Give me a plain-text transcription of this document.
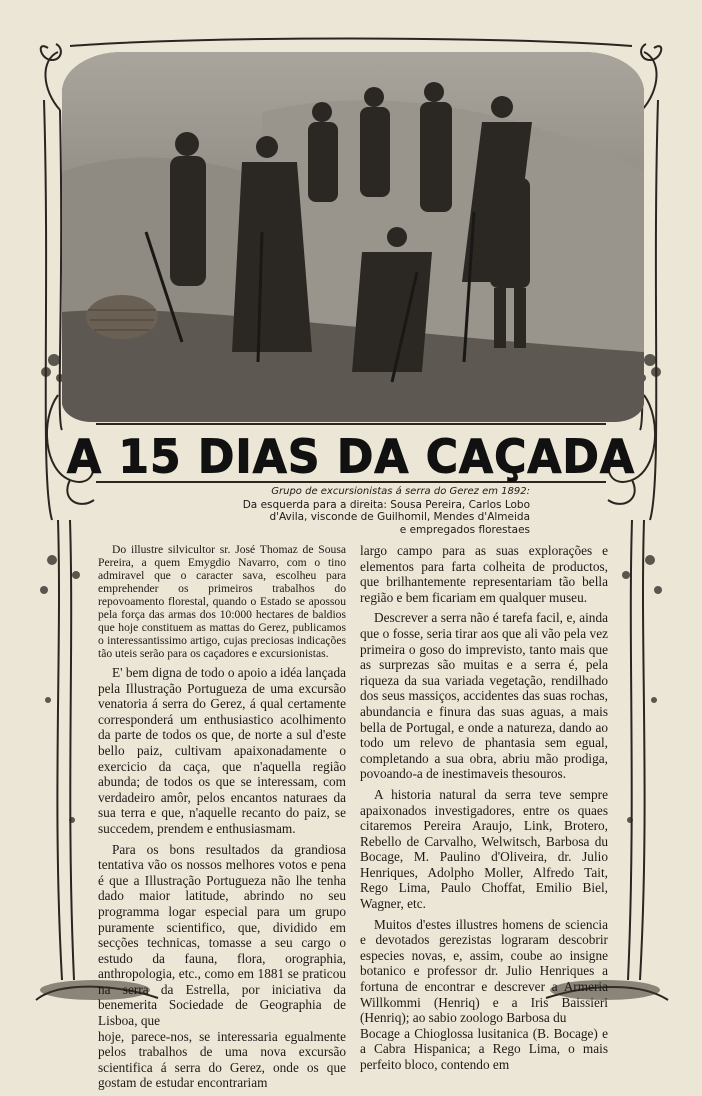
A 15 DIAS DA CAÇADA
Grupo de excursionistas á serra do Gerez em 1892:
Da esquerda para a direita: Sousa Pereira, Carlos Lobo
d'Avila, visconde de Guilhomil, Mendes d'Almeida
e empregados florestaes

Do illustre silvicultor sr. José Thomaz de Sousa Pereira, a quem Emygdio Navarro, com o tino admiravel que o caracter sava, escolheu para emprehender os primeiros trabalhos do repovoamento florestal, quando o Estado se apossou pela força das armas dos 10:000 hectares de baldios que hoje constituem as mattas do Gerez, publicamos o interessantissimo artigo, cujas preciosas indicações tão uteis serão para os caçadores e excursionistas.

E' bem digna de todo o apoio a idéa lançada pela Illustração Portugueza de uma excursão venatoria á serra do Gerez, á qual certamente corresponderá um enthusiastico acolhimento da parte de todos os que, de norte a sul d'este bello paiz, cultivam apaixonadamente o exercicio da caça, que n'aquella região abunda; de todos os que se interessam, com verdadeiro amôr, pelos encantos naturaes da sua terra e que, n'aquelle recanto do paiz, se succedem, prendem e enthusiasmam.

Para os bons resultados da grandiosa tentativa vão os nossos melhores votos e pena é que a Illustração Portugueza não lhe tenha dado maior latitude, abrindo no seu programma logar especial para um grupo puramente scientifico, que, dividido em secções technicas, tomasse a seu cargo o estudo da fauna, flora, orographia, anthropologia, etc., como em 1881 se praticou na serra da Estrella, por iniciativa da benemerita Sociedade de Geographia de Lisboa, que

hoje, parece-nos, se interessaria egualmente pelos trabalhos de uma nova excursão scientifica á serra do Gerez, onde os que gostam de estudar encontrariam

largo campo para as suas explorações e elementos para farta colheita de productos, que brilhantemente representariam tão bella região e bem ficariam em qualquer museu.

Descrever a serra não é tarefa facil, e, ainda que o fosse, seria tirar aos que ali vão pela vez primeira o goso do imprevisto, tanto mais que as surprezas são muitas e a serra é, pela riqueza da sua variada vegetação, rendilhado dos seus massiços, accidentes das suas rochas, abundancia e finura das suas aguas, a mais bella de Portugal, e onde a natureza, dando ao todo um relevo de phantasia sem egual, completando a sua obra, abriu mão prodiga, povoando-a de inestimaveis thesouros.

A historia natural da serra teve sempre apaixonados investigadores, entre os quaes citaremos Pereira Araujo, Link, Brotero, Rebello de Carvalho, Welwitsch, Barbosa du Bocage, M. Paulino d'Oliveira, dr. Julio Henriques, Adolpho Moller, Alfredo Tait, Rego Lima, Paulo Choffat, Emilio Biel, Wagner, etc.

Muitos d'estes illustres homens de sciencia e devotados gerezistas lograram descobrir especies novas, e, assim, coube ao insigne botanico e professor dr. Julio Henriques a fortuna de encontrar e descrever a Armeria Willkommi (Henriq) e a Iris Baissieri (Henriq); ao sabio zoologo Barbosa du

Bocage a Chioglossa lusitanica (B. Bocage) e a Cabra Hispanica; a Rego Lima, o mais perfeito bloco, contendo em
